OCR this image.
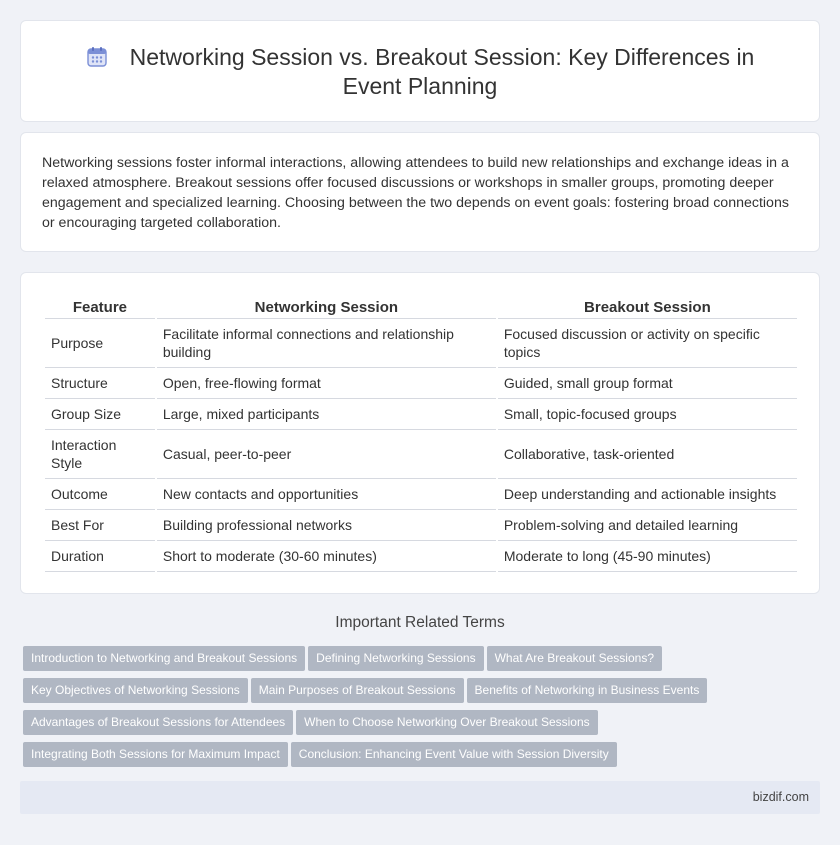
Networking Session vs. Breakout Session: Key Differences in Event Planning

Networking sessions foster informal interactions, allowing attendees to build new relationships and exchange ideas in a relaxed atmosphere. Breakout sessions offer focused discussions or workshops in smaller groups, promoting deeper engagement and specialized learning. Choosing between the two depends on event goals: fostering broad connections or encouraging targeted collaboration.

Feature	Networking Session	Breakout Session
Purpose	Facilitate informal connections and relationship building	Focused discussion or activity on specific topics
Structure	Open, free-flowing format	Guided, small group format
Group Size	Large, mixed participants	Small, topic-focused groups
Interaction Style	Casual, peer-to-peer	Collaborative, task-oriented
Outcome	New contacts and opportunities	Deep understanding and actionable insights
Best For	Building professional networks	Problem-solving and detailed learning
Duration	Short to moderate (30-60 minutes)	Moderate to long (45-90 minutes)
Important Related Terms
Introduction to Networking and Breakout Sessions Defining Networking Sessions What Are Breakout Sessions?
Key Objectives of Networking Sessions Main Purposes of Breakout Sessions Benefits of Networking in Business Events
Advantages of Breakout Sessions for Attendees When to Choose Networking Over Breakout Sessions
Integrating Both Sessions for Maximum Impact Conclusion: Enhancing Event Value with Session Diversity
bizdif.com
